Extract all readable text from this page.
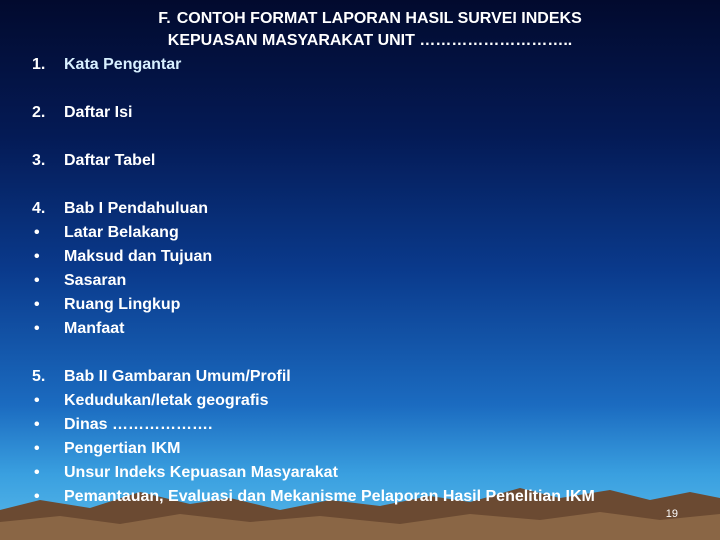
F. CONTOH FORMAT LAPORAN HASIL SURVEI INDEKS
KEPUASAN MASYARAKAT UNIT ………………………..
1.	Kata Pengantar
2.	Daftar Isi
3.	Daftar Tabel
4.	Bab I Pendahuluan
•	Latar Belakang
•	Maksud dan Tujuan
•	Sasaran
•	Ruang Lingkup
•	Manfaat
5.	Bab II Gambaran Umum/Profil
•	Kedudukan/letak geografis
•	Dinas ……………….
•	Pengertian IKM
•	Unsur Indeks Kepuasan Masyarakat
•	Pemantauan, Evaluasi dan Mekanisme Pelaporan Hasil Penelitian IKM
19
